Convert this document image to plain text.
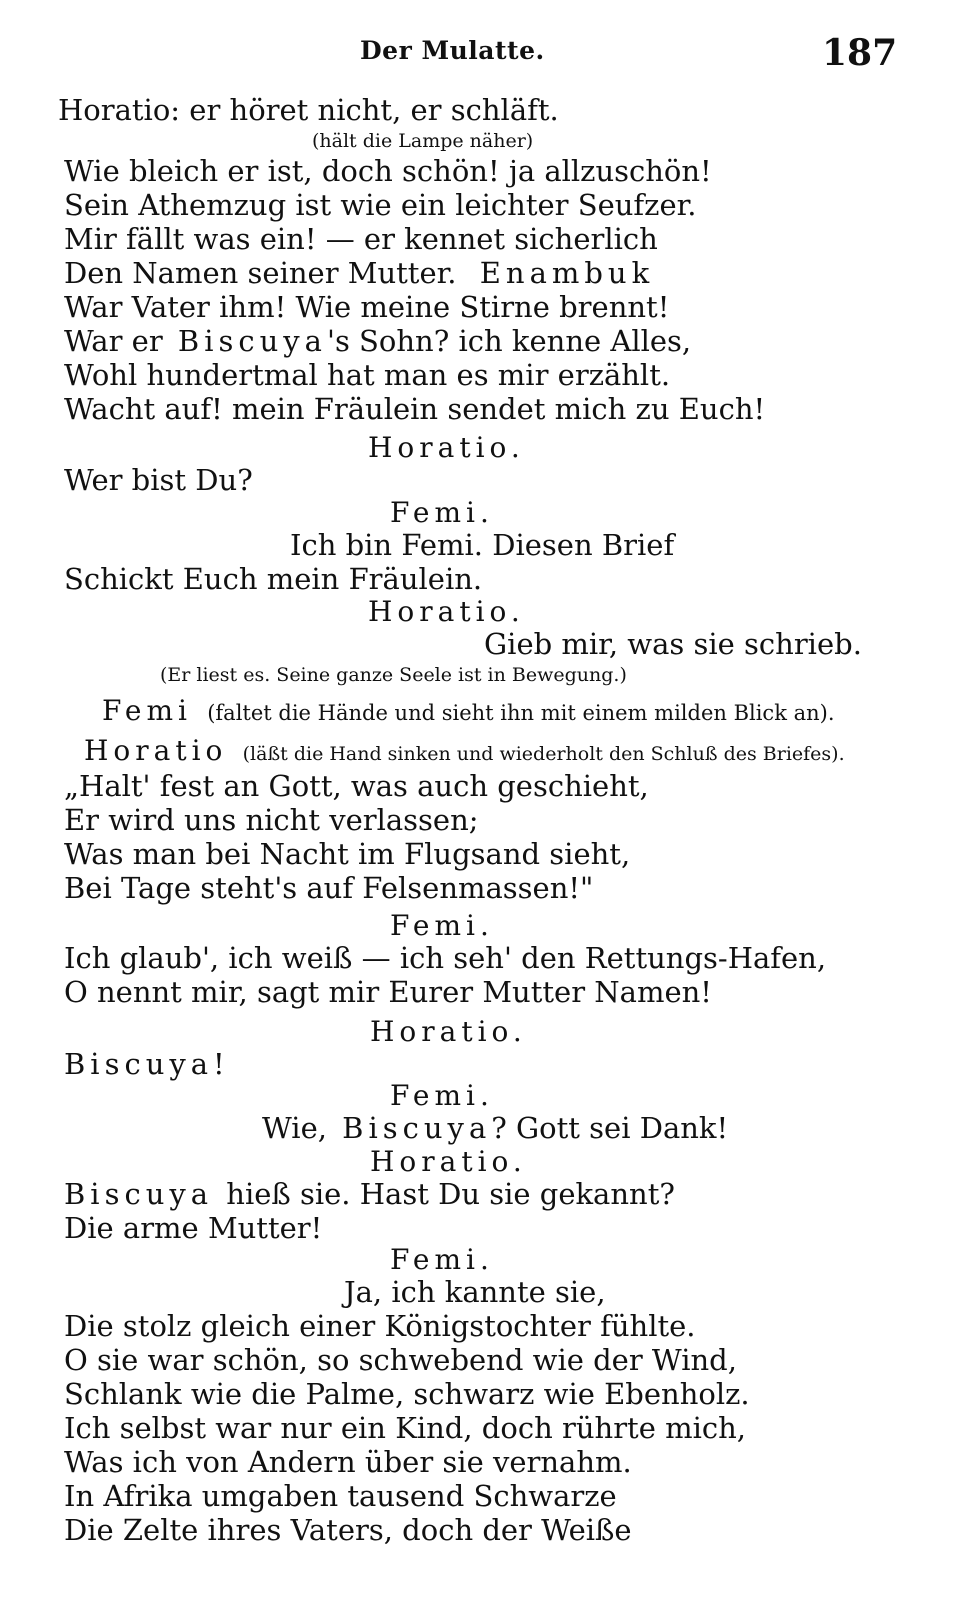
Der Mulatte.	187
Horatio: er höret nicht, er schläft.
(hält die Lampe näher)
Wie bleich er ist, doch schön! ja allzuschön!
Sein Athemzug ist wie ein leichter Seufzer.
Mir fällt was ein! — er kennet sicherlich
Den Namen seiner Mutter. Enambuk
War Vater ihm! Wie meine Stirne brennt!
War er Biscuya's Sohn? ich kenne Alles,
Wohl hundertmal hat man es mir erzählt.
Wacht auf! mein Fräulein sendet mich zu Euch!
Horatio.
Wer bist Du?
Femi.
Ich bin Femi. Diesen Brief
Schickt Euch mein Fräulein.
Horatio.
Gieb mir, was sie schrieb.
(Er liest es. Seine ganze Seele ist in Bewegung.)
Femi (faltet die Hände und sieht ihn mit einem milden Blick an).
Horatio (läßt die Hand sinken und wiederholt den Schluß des Briefes).
„Halt' fest an Gott, was auch geschieht,
Er wird uns nicht verlassen;
Was man bei Nacht im Flugsand sieht,
Bei Tage steht's auf Felsenmassen!"
Femi.
Ich glaub', ich weiß — ich seh' den Rettungs-Hafen,
O nennt mir, sagt mir Eurer Mutter Namen!
Horatio.
Biscuya!
Femi.
Wie, Biscuya? Gott sei Dank!
Horatio.
Biscuya hieß sie. Hast Du sie gekannt?
Die arme Mutter!
Femi.
Ja, ich kannte sie,
Die stolz gleich einer Königstochter fühlte.
O sie war schön, so schwebend wie der Wind,
Schlank wie die Palme, schwarz wie Ebenholz.
Ich selbst war nur ein Kind, doch rührte mich,
Was ich von Andern über sie vernahm.
In Afrika umgaben tausend Schwarze
Die Zelte ihres Vaters, doch der Weiße
